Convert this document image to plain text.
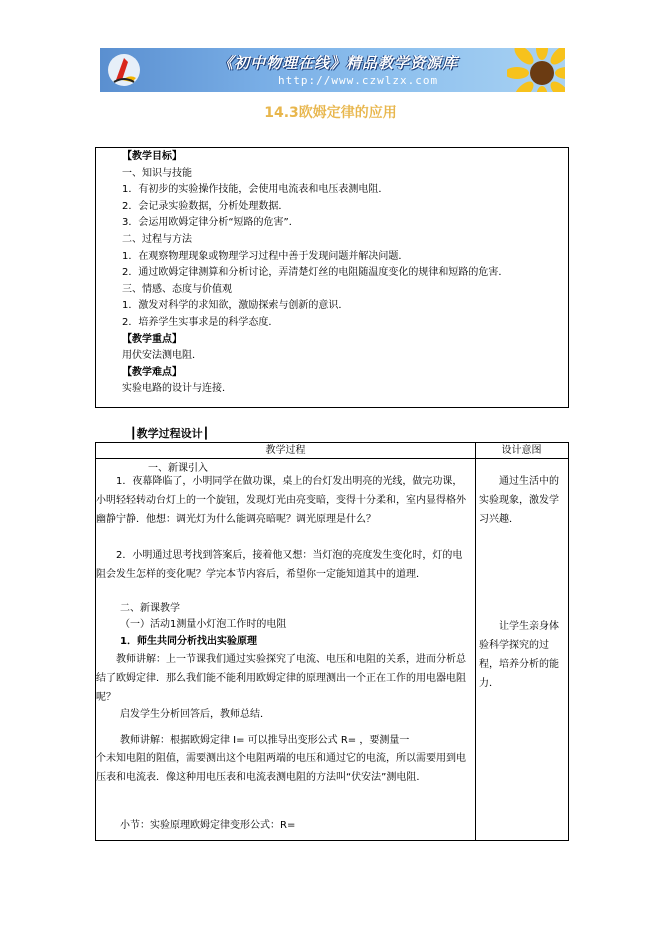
《初中物理在线》精品教学资源库
http://www.czwlzx.com
14.3欧姆定律的应用
【教学目标】
一、知识与技能
1．有初步的实验操作技能，会使用电流表和电压表测电阻．
2．会记录实验数据，分析处理数据．
3．会运用欧姆定律分析“短路的危害”．
二、过程与方法
1．在观察物理现象或物理学习过程中善于发现问题并解决问题．
2．通过欧姆定律测算和分析讨论，弄清楚灯丝的电阻随温度变化的规律和短路的危害．
三、情感、态度与价值观
1．激发对科学的求知欲，激励探索与创新的意识．
2．培养学生实事求是的科学态度．
【教学重点】
用伏安法测电阻．
【教学难点】
实验电路的设计与连接．
┃教学过程设计┃
教学过程	设计意图
一、新课引入
1．夜幕降临了，小明同学在做功课，桌上的台灯发出明亮的光线，做完功课，小明轻轻转动台灯上的一个旋钮，发现灯光由亮变暗，变得十分柔和，室内显得格外幽静宁静．他想：调光灯为什么能调亮暗呢？调光原理是什么？
2．小明通过思考找到答案后，接着他又想：当灯泡的亮度发生变化时，灯的电阻会发生怎样的变化呢？学完本节内容后，希望你一定能知道其中的道理．
二、新课教学
（一）活动1测量小灯泡工作时的电阻
1．师生共同分析找出实验原理
教师讲解：上一节课我们通过实验探究了电流、电压和电阻的关系，进而分析总结了欧姆定律．那么我们能不能利用欧姆定律的原理测出一个正在工作的用电器电阻呢？
启发学生分析回答后，教师总结．
教师讲解：根据欧姆定律 I= 可以推导出变形公式 R= ，要测量一
个未知电阻的阻值，需要测出这个电阻两端的电压和通过它的电流，所以需要用到电压表和电流表．像这种用电压表和电流表测电阻的方法叫“伏安法”测电阻．
小节：实验原理欧姆定律变形公式：R=
通过生活中的实验现象，激发学习兴趣．
让学生亲身体验科学探究的过程，培养分析的能力．
